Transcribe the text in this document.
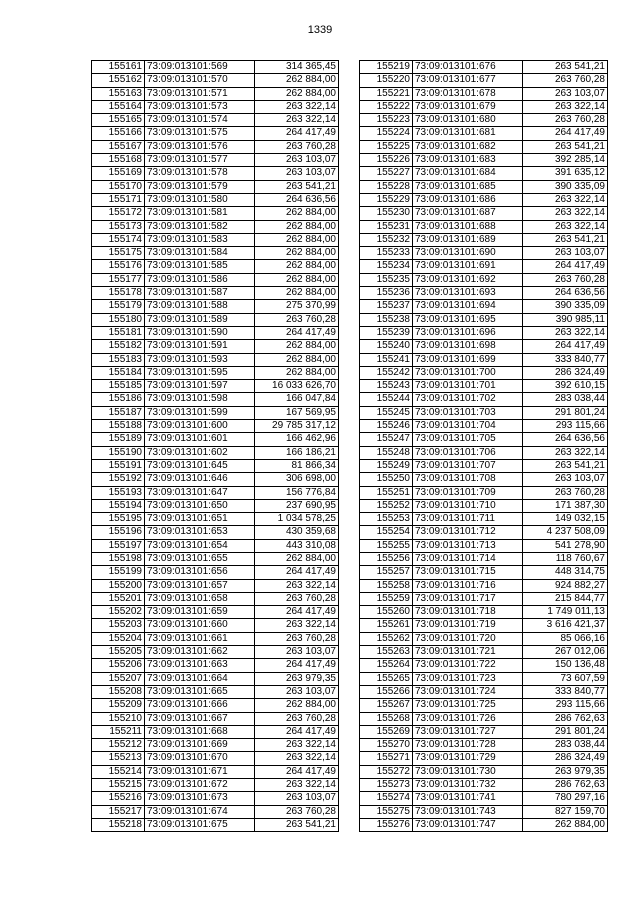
1339
155161	73:09:013101:569	314 365,45
155162	73:09:013101:570	262 884,00
155163	73:09:013101:571	262 884,00
155164	73:09:013101:573	263 322,14
155165	73:09:013101:574	263 322,14
155166	73:09:013101:575	264 417,49
155167	73:09:013101:576	263 760,28
155168	73:09:013101:577	263 103,07
155169	73:09:013101:578	263 103,07
155170	73:09:013101:579	263 541,21
155171	73:09:013101:580	264 636,56
155172	73:09:013101:581	262 884,00
155173	73:09:013101:582	262 884,00
155174	73:09:013101:583	262 884,00
155175	73:09:013101:584	262 884,00
155176	73:09:013101:585	262 884,00
155177	73:09:013101:586	262 884,00
155178	73:09:013101:587	262 884,00
155179	73:09:013101:588	275 370,99
155180	73:09:013101:589	263 760,28
155181	73:09:013101:590	264 417,49
155182	73:09:013101:591	262 884,00
155183	73:09:013101:593	262 884,00
155184	73:09:013101:595	262 884,00
155185	73:09:013101:597	16 033 626,70
155186	73:09:013101:598	166 047,84
155187	73:09:013101:599	167 569,95
155188	73:09:013101:600	29 785 317,12
155189	73:09:013101:601	166 462,96
155190	73:09:013101:602	166 186,21
155191	73:09:013101:645	81 866,34
155192	73:09:013101:646	306 698,00
155193	73:09:013101:647	156 776,84
155194	73:09:013101:650	237 690,95
155195	73:09:013101:651	1 034 578,25
155196	73:09:013101:653	430 359,68
155197	73:09:013101:654	443 310,08
155198	73:09:013101:655	262 884,00
155199	73:09:013101:656	264 417,49
155200	73:09:013101:657	263 322,14
155201	73:09:013101:658	263 760,28
155202	73:09:013101:659	264 417,49
155203	73:09:013101:660	263 322,14
155204	73:09:013101:661	263 760,28
155205	73:09:013101:662	263 103,07
155206	73:09:013101:663	264 417,49
155207	73:09:013101:664	263 979,35
155208	73:09:013101:665	263 103,07
155209	73:09:013101:666	262 884,00
155210	73:09:013101:667	263 760,28
155211	73:09:013101:668	264 417,49
155212	73:09:013101:669	263 322,14
155213	73:09:013101:670	263 322,14
155214	73:09:013101:671	264 417,49
155215	73:09:013101:672	263 322,14
155216	73:09:013101:673	263 103,07
155217	73:09:013101:674	263 760,28
155218	73:09:013101:675	263 541,21
155219	73:09:013101:676	263 541,21
155220	73:09:013101:677	263 760,28
155221	73:09:013101:678	263 103,07
155222	73:09:013101:679	263 322,14
155223	73:09:013101:680	263 760,28
155224	73:09:013101:681	264 417,49
155225	73:09:013101:682	263 541,21
155226	73:09:013101:683	392 285,14
155227	73:09:013101:684	391 635,12
155228	73:09:013101:685	390 335,09
155229	73:09:013101:686	263 322,14
155230	73:09:013101:687	263 322,14
155231	73:09:013101:688	263 322,14
155232	73:09:013101:689	263 541,21
155233	73:09:013101:690	263 103,07
155234	73:09:013101:691	264 417,49
155235	73:09:013101:692	263 760,28
155236	73:09:013101:693	264 636,56
155237	73:09:013101:694	390 335,09
155238	73:09:013101:695	390 985,11
155239	73:09:013101:696	263 322,14
155240	73:09:013101:698	264 417,49
155241	73:09:013101:699	333 840,77
155242	73:09:013101:700	286 324,49
155243	73:09:013101:701	392 610,15
155244	73:09:013101:702	283 038,44
155245	73:09:013101:703	291 801,24
155246	73:09:013101:704	293 115,66
155247	73:09:013101:705	264 636,56
155248	73:09:013101:706	263 322,14
155249	73:09:013101:707	263 541,21
155250	73:09:013101:708	263 103,07
155251	73:09:013101:709	263 760,28
155252	73:09:013101:710	171 387,30
155253	73:09:013101:711	149 032,15
155254	73:09:013101:712	4 237 508,09
155255	73:09:013101:713	541 278,90
155256	73:09:013101:714	118 760,67
155257	73:09:013101:715	448 314,75
155258	73:09:013101:716	924 882,27
155259	73:09:013101:717	215 844,77
155260	73:09:013101:718	1 749 011,13
155261	73:09:013101:719	3 616 421,37
155262	73:09:013101:720	85 066,16
155263	73:09:013101:721	267 012,06
155264	73:09:013101:722	150 136,48
155265	73:09:013101:723	73 607,59
155266	73:09:013101:724	333 840,77
155267	73:09:013101:725	293 115,66
155268	73:09:013101:726	286 762,63
155269	73:09:013101:727	291 801,24
155270	73:09:013101:728	283 038,44
155271	73:09:013101:729	286 324,49
155272	73:09:013101:730	263 979,35
155273	73:09:013101:732	286 762,63
155274	73:09:013101:741	780 297,16
155275	73:09:013101:743	827 159,70
155276	73:09:013101:747	262 884,00
